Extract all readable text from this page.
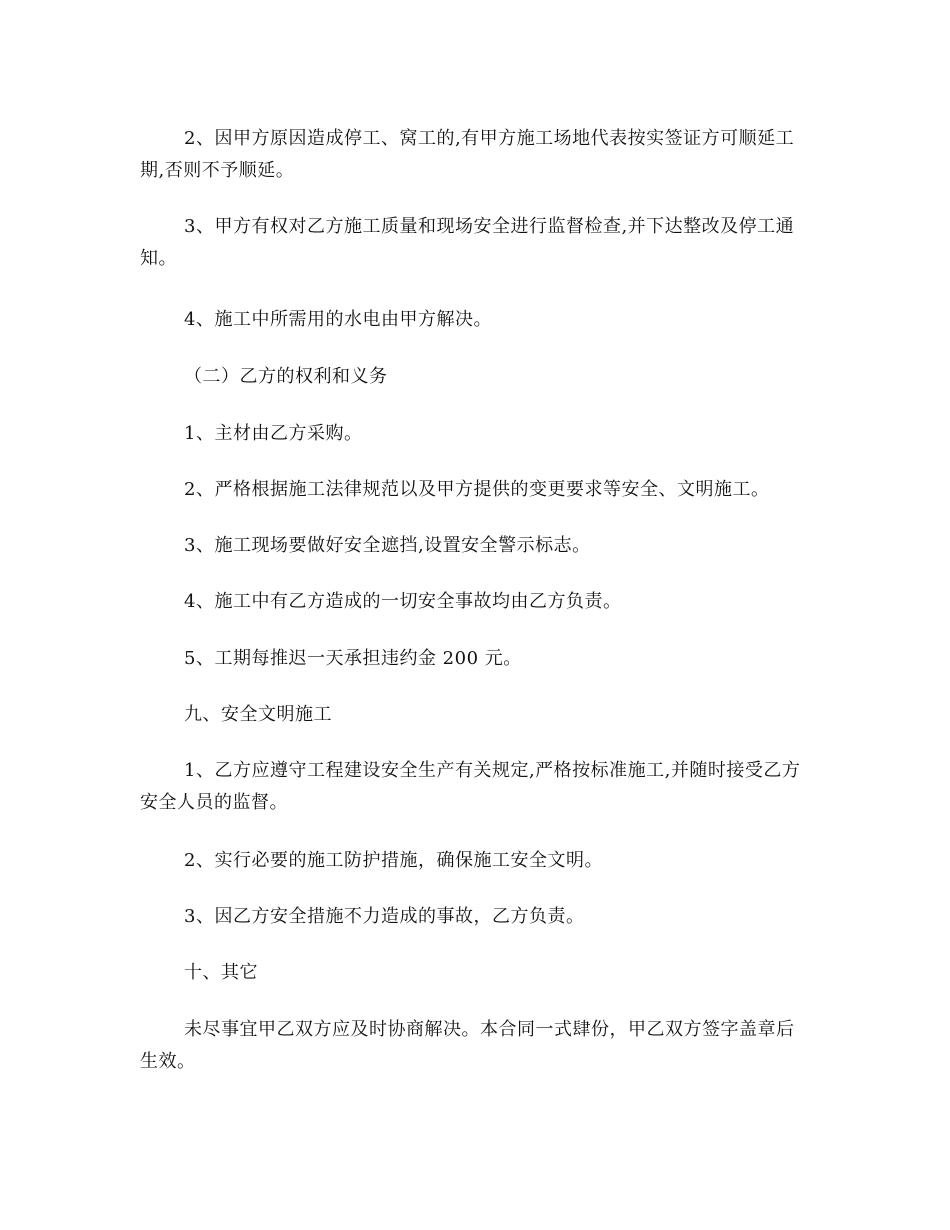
2、因甲方原因造成停工、窝工的,有甲方施工场地代表按实签证方可顺延工期,否则不予顺延。

3、甲方有权对乙方施工质量和现场安全进行监督检查,并下达整改及停工通知。

4、施工中所需用的水电由甲方解决。

（二）乙方的权利和义务

1、主材由乙方采购。

2、严格根据施工法律规范以及甲方提供的变更要求等安全、文明施工。

3、施工现场要做好安全遮挡,设置安全警示标志。

4、施工中有乙方造成的一切安全事故均由乙方负责。

5、工期每推迟一天承担违约金 200 元。

九、安全文明施工

1、乙方应遵守工程建设安全生产有关规定,严格按标准施工,并随时接受乙方安全人员的监督。

2、实行必要的施工防护措施，确保施工安全文明。

3、因乙方安全措施不力造成的事故，乙方负责。

十、其它

未尽事宜甲乙双方应及时协商解决。本合同一式肆份，甲乙双方签字盖章后生效。
